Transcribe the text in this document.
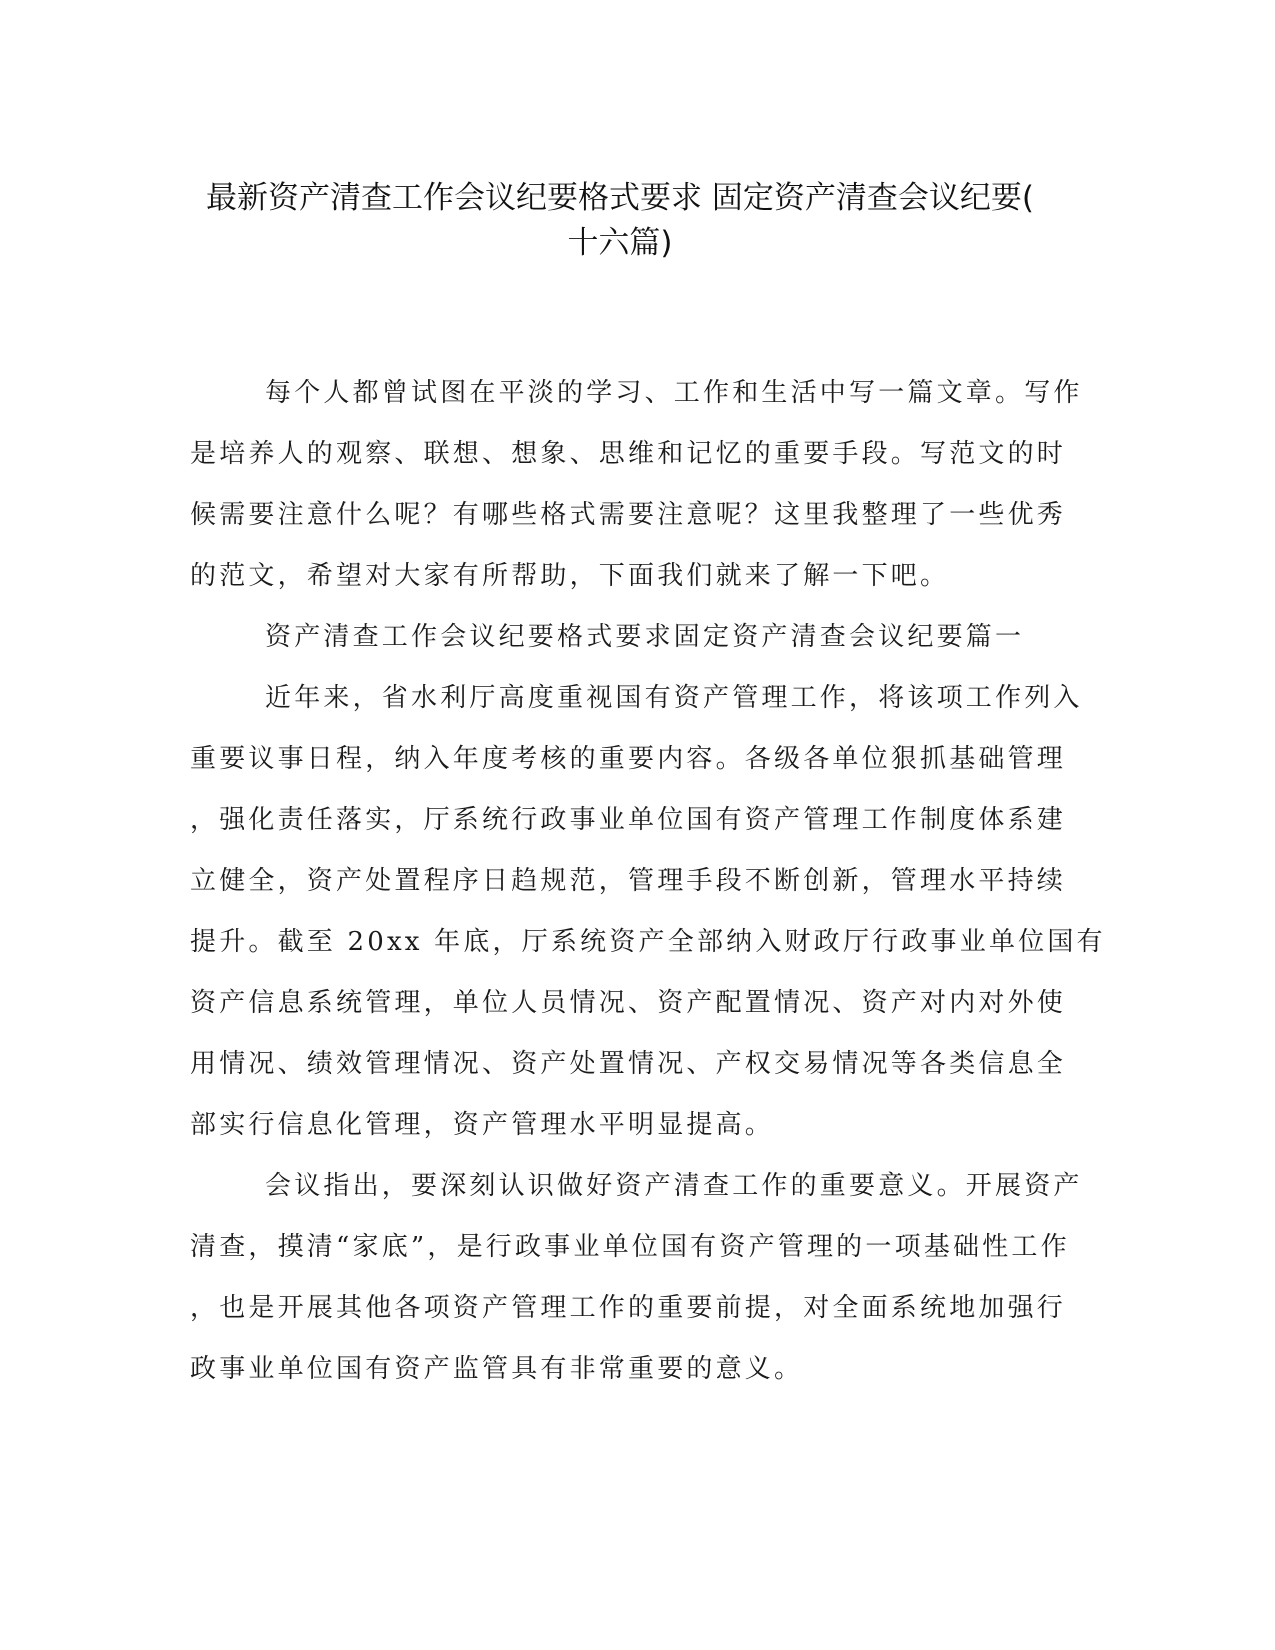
最新资产清查工作会议纪要格式要求 固定资产清查会议纪要(
十六篇)

每个人都曾试图在平淡的学习、工作和生活中写一篇文章。写作
是培养人的观察、联想、想象、思维和记忆的重要手段。写范文的时
候需要注意什么呢？有哪些格式需要注意呢？这里我整理了一些优秀
的范文，希望对大家有所帮助，下面我们就来了解一下吧。

资产清查工作会议纪要格式要求固定资产清查会议纪要篇一

近年来，省水利厅高度重视国有资产管理工作，将该项工作列入
重要议事日程，纳入年度考核的重要内容。各级各单位狠抓基础管理
，强化责任落实，厅系统行政事业单位国有资产管理工作制度体系建
立健全，资产处置程序日趋规范，管理手段不断创新，管理水平持续
提升。截至 20xx 年底，厅系统资产全部纳入财政厅行政事业单位国有
资产信息系统管理，单位人员情况、资产配置情况、资产对内对外使
用情况、绩效管理情况、资产处置情况、产权交易情况等各类信息全
部实行信息化管理，资产管理水平明显提高。

会议指出，要深刻认识做好资产清查工作的重要意义。开展资产
清查，摸清“家底”，是行政事业单位国有资产管理的一项基础性工作
，也是开展其他各项资产管理工作的重要前提，对全面系统地加强行
政事业单位国有资产监管具有非常重要的意义。
